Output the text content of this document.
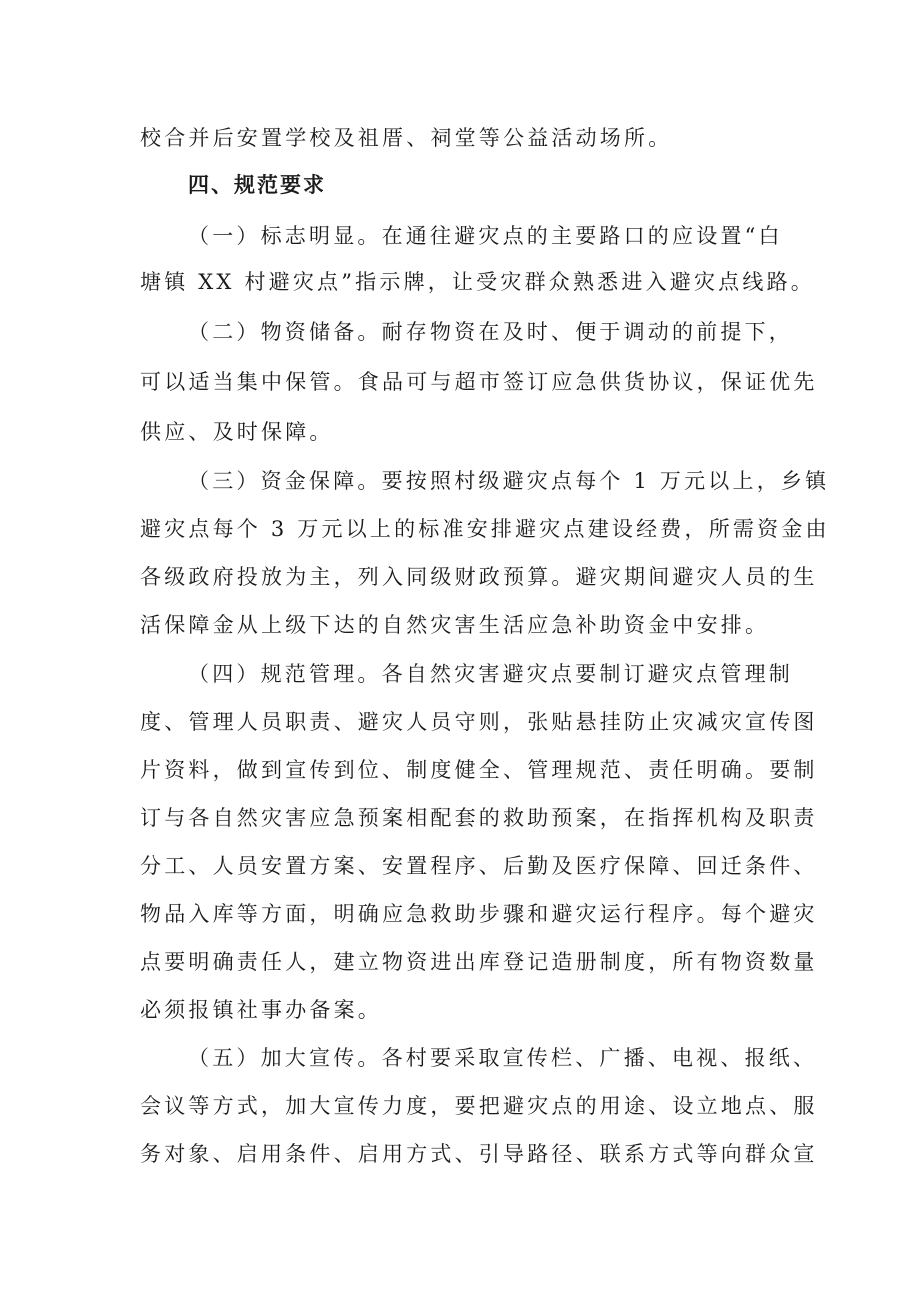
校合并后安置学校及祖厝、祠堂等公益活动场所。
四、规范要求
（一）标志明显。在通往避灾点的主要路口的应设置“白
塘镇 XX 村避灾点”指示牌，让受灾群众熟悉进入避灾点线路。
（二）物资储备。耐存物资在及时、便于调动的前提下，
可以适当集中保管。食品可与超市签订应急供货协议，保证优先
供应、及时保障。
（三）资金保障。要按照村级避灾点每个 1 万元以上，乡镇
避灾点每个 3 万元以上的标准安排避灾点建设经费，所需资金由
各级政府投放为主，列入同级财政预算。避灾期间避灾人员的生
活保障金从上级下达的自然灾害生活应急补助资金中安排。
（四）规范管理。各自然灾害避灾点要制订避灾点管理制
度、管理人员职责、避灾人员守则，张贴悬挂防止灾减灾宣传图
片资料，做到宣传到位、制度健全、管理规范、责任明确。要制
订与各自然灾害应急预案相配套的救助预案，在指挥机构及职责
分工、人员安置方案、安置程序、后勤及医疗保障、回迁条件、
物品入库等方面，明确应急救助步骤和避灾运行程序。每个避灾
点要明确责任人，建立物资进出库登记造册制度，所有物资数量
必须报镇社事办备案。
（五）加大宣传。各村要采取宣传栏、广播、电视、报纸、
会议等方式，加大宣传力度，要把避灾点的用途、设立地点、服
务对象、启用条件、启用方式、引导路径、联系方式等向群众宣
